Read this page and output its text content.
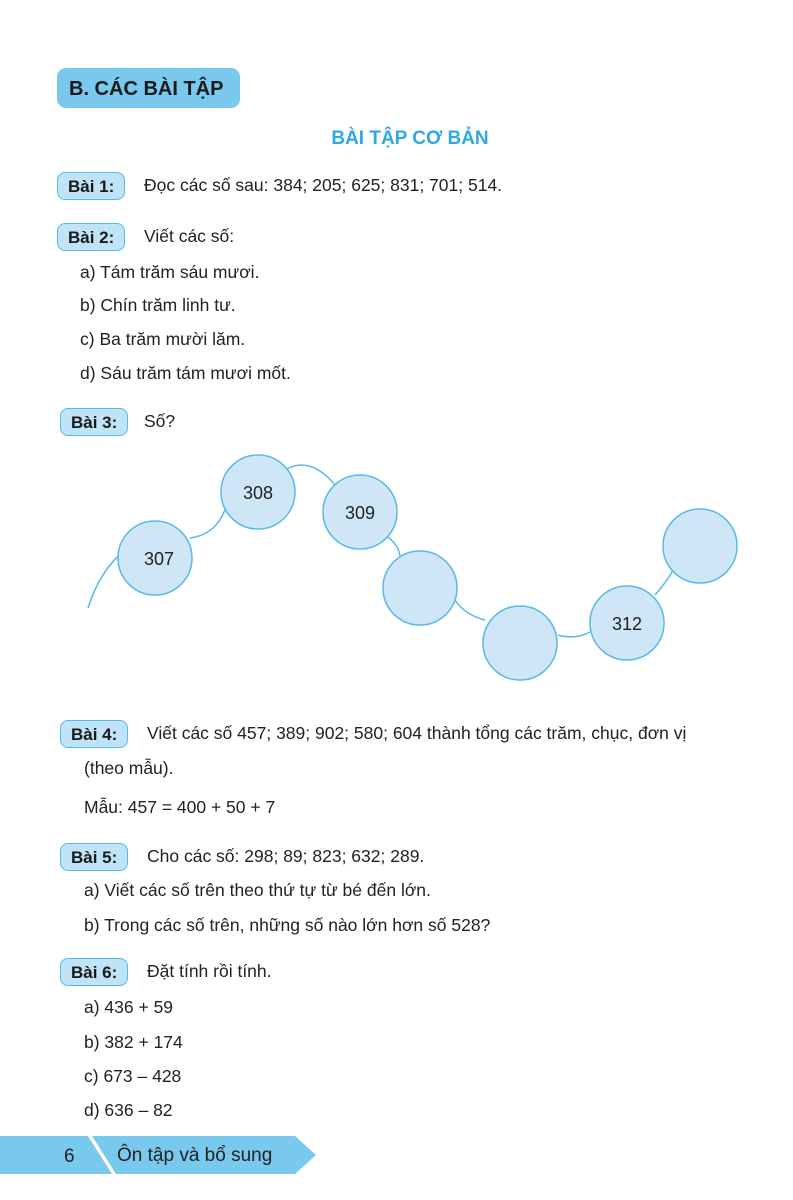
B. CÁC BÀI TẬP
BÀI TẬP CƠ BẢN
Bài 1:	Đọc các số sau: 384; 205; 625; 831; 701; 514.
Bài 2:	Viết các số:
a) Tám trăm sáu mươi.
b) Chín trăm linh tư.
c) Ba trăm mười lăm.
d) Sáu trăm tám mươi mốt.
Bài 3:	Số?
307
308
309
312
Bài 4:	Viết các số 457; 389; 902; 580; 604 thành tổng các trăm, chục, đơn vị
(theo mẫu).
Mẫu: 457 = 400 + 50 + 7
Bài 5:	Cho các số: 298; 89; 823; 632; 289.
a) Viết các số trên theo thứ tự từ bé đến lớn.
b) Trong các số trên, những số nào lớn hơn số 528?
Bài 6:	Đặt tính rồi tính.
a) 436 + 59
b) 382 + 174
c) 673 – 428
d) 636 – 82
6 Ôn tập và bổ sung
